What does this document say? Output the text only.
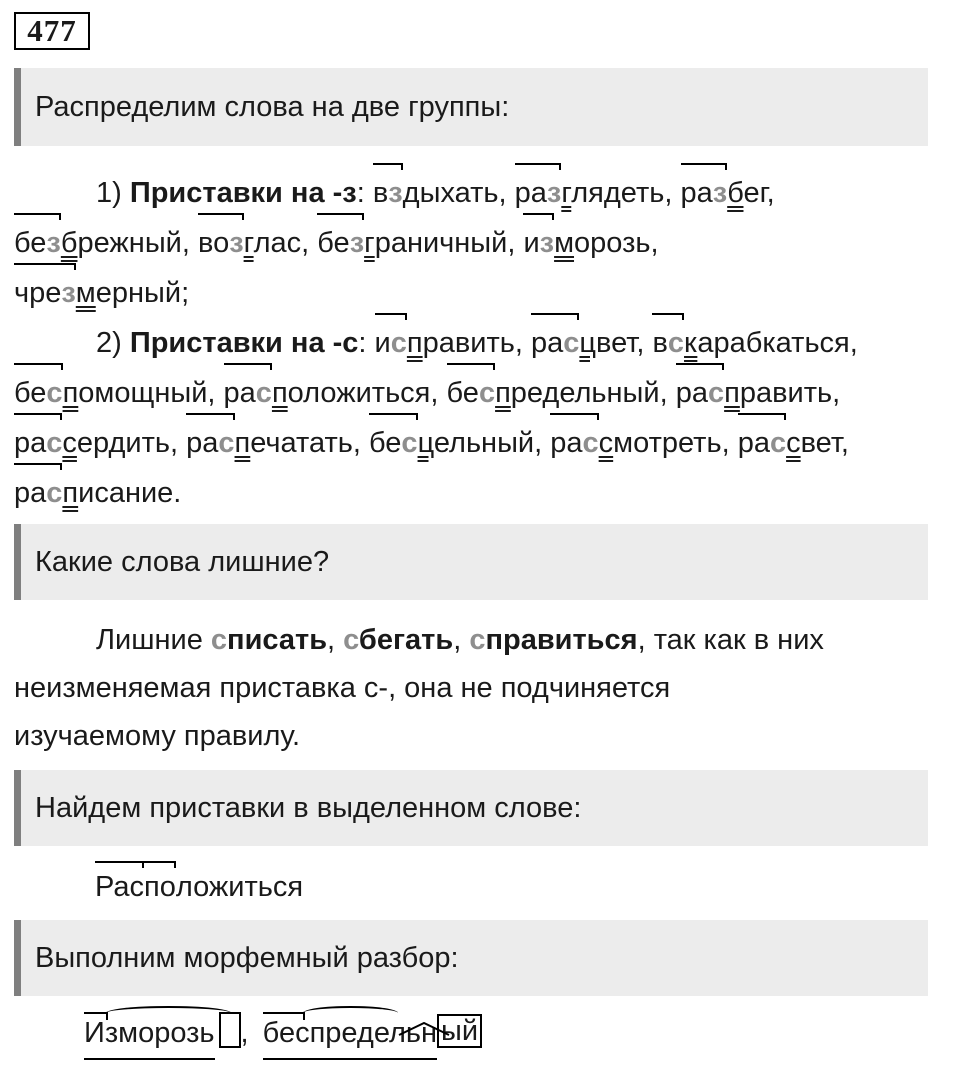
477
Распределим слова на две группы:
1) Приставки на -з: вздыхать, разглядеть, разбег,
безбрежный, возглас, безграничный, изморозь,
чрезмерный;
2) Приставки на -с: исправить, расцвет, вскарабкаться,
беспомощный, расположиться, беспредельный, расправить,
рассердить, распечатать, бесцельный, рассмотреть, рассвет,
расписание.
Какие слова лишние?
Лишние списать, сбегать, справиться, так как в них
неизменяемая приставка с-, она не подчиняется
изучаемому правилу.
Найдем приставки в выделенном слове:
Расположиться
Выполним морфемный разбор:
Изморозь , беспредельн ый
